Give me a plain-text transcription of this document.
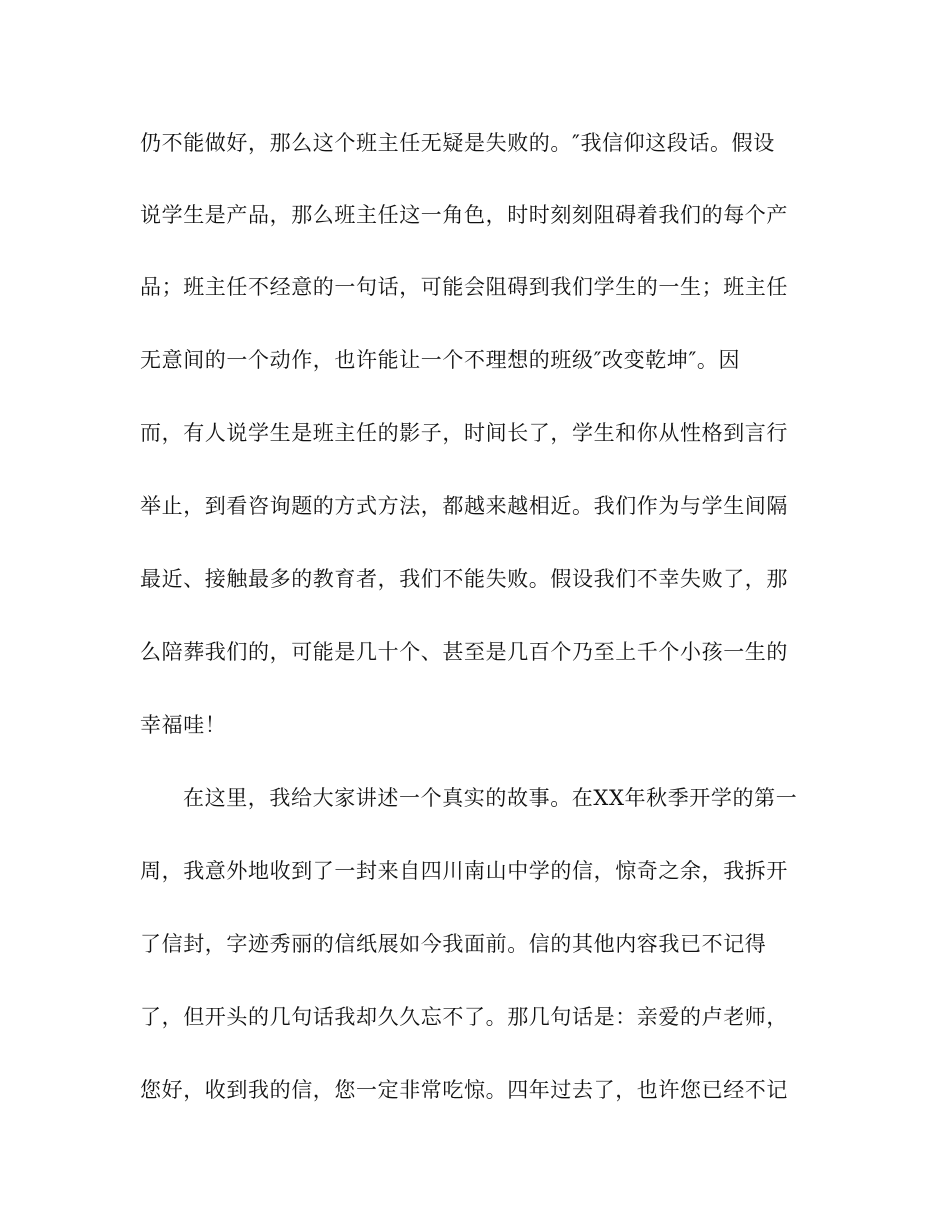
仍不能做好，那么这个班主任无疑是失败的。″我信仰这段话。假设
说学生是产品，那么班主任这一角色，时时刻刻阻碍着我们的每个产
品；班主任不经意的一句话，可能会阻碍到我们学生的一生；班主任
无意间的一个动作，也许能让一个不理想的班级″改变乾坤″。因
而，有人说学生是班主任的影子，时间长了，学生和你从性格到言行
举止，到看咨询题的方式方法，都越来越相近。我们作为与学生间隔
最近、接触最多的教育者，我们不能失败。假设我们不幸失败了，那
么陪葬我们的，可能是几十个、甚至是几百个乃至上千个小孩一生的
幸福哇！
在这里，我给大家讲述一个真实的故事。在XX年秋季开学的第一
周，我意外地收到了一封来自四川南山中学的信，惊奇之余，我拆开
了信封，字迹秀丽的信纸展如今我面前。信的其他内容我已不记得
了，但开头的几句话我却久久忘不了。那几句话是：亲爱的卢老师，
您好，收到我的信，您一定非常吃惊。四年过去了，也许您已经不记
